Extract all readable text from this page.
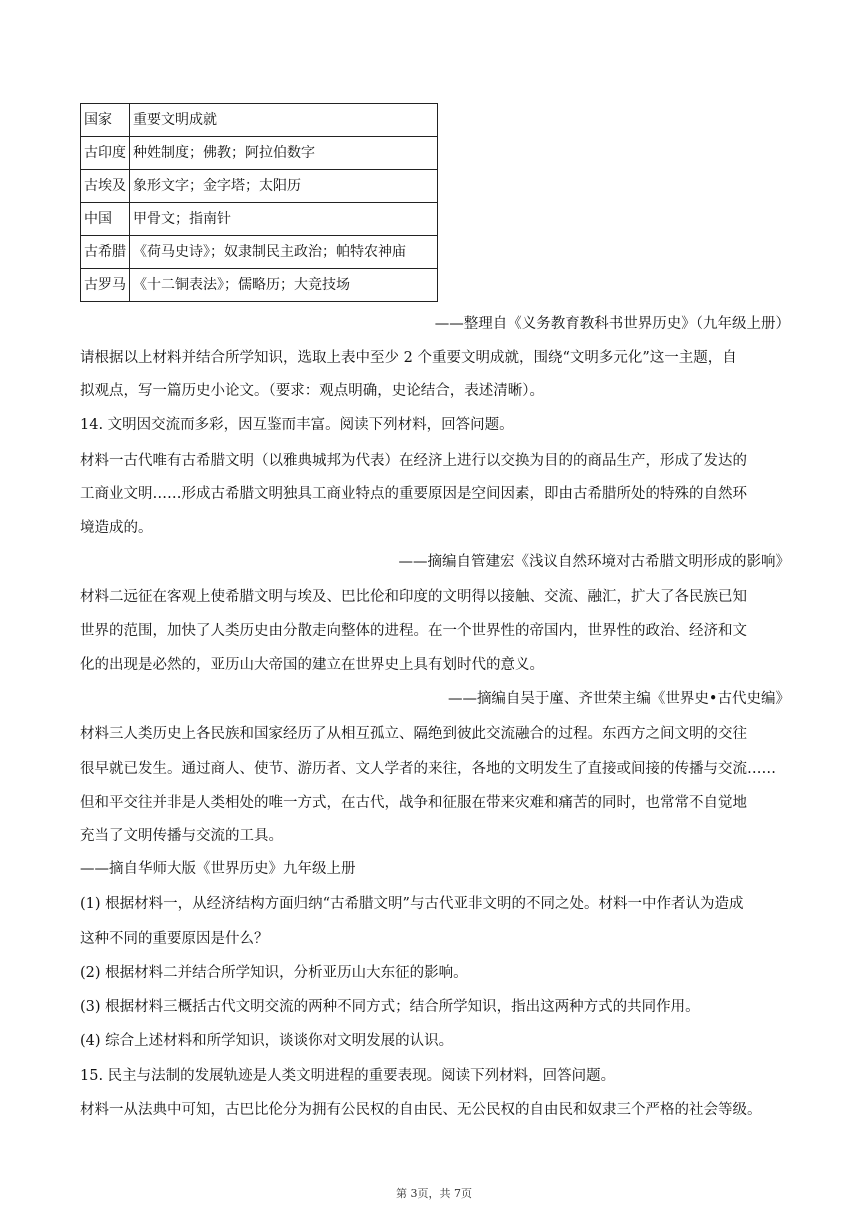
国家	重要文明成就
古印度	种姓制度；佛教；阿拉伯数字
古埃及	象形文字；金字塔；太阳历
中国	甲骨文；指南针
古希腊	《荷马史诗》；奴隶制民主政治；帕特农神庙
古罗马	《十二铜表法》；儒略历；大竞技场
——整理自《义务教育教科书世界历史》（九年级上册）
请根据以上材料并结合所学知识，选取上表中至少 2 个重要文明成就，围绕“文明多元化”这一主题，自
拟观点，写一篇历史小论文。（要求：观点明确，史论结合，表述清晰）。
14. 文明因交流而多彩，因互鉴而丰富。阅读下列材料，回答问题。
材料一古代唯有古希腊文明（以雅典城邦为代表）在经济上进行以交换为目的的商品生产，形成了发达的
工商业文明……形成古希腊文明独具工商业特点的重要原因是空间因素，即由古希腊所处的特殊的自然环
境造成的。
——摘编自管建宏《浅议自然环境对古希腊文明形成的影响》
材料二远征在客观上使希腊文明与埃及、巴比伦和印度的文明得以接触、交流、融汇，扩大了各民族已知
世界的范围，加快了人类历史由分散走向整体的进程。在一个世界性的帝国内，世界性的政治、经济和文
化的出现是必然的，亚历山大帝国的建立在世界史上具有划时代的意义。
——摘编自吴于廑、齐世荣主编《世界史•古代史编》
材料三人类历史上各民族和国家经历了从相互孤立、隔绝到彼此交流融合的过程。东西方之间文明的交往
很早就已发生。通过商人、使节、游历者、文人学者的来往，各地的文明发生了直接或间接的传播与交流……
但和平交往并非是人类相处的唯一方式，在古代，战争和征服在带来灾难和痛苦的同时，也常常不自觉地
充当了文明传播与交流的工具。
——摘自华师大版《世界历史》九年级上册
(1) 根据材料一，从经济结构方面归纳“古希腊文明”与古代亚非文明的不同之处。材料一中作者认为造成
这种不同的重要原因是什么？
(2) 根据材料二并结合所学知识，分析亚历山大东征的影响。
(3) 根据材料三概括古代文明交流的两种不同方式；结合所学知识，指出这两种方式的共同作用。
(4) 综合上述材料和所学知识，谈谈你对文明发展的认识。
15. 民主与法制的发展轨迹是人类文明进程的重要表现。阅读下列材料，回答问题。
材料一从法典中可知，古巴比伦分为拥有公民权的自由民、无公民权的自由民和奴隶三个严格的社会等级。
第 3页，共 7页
